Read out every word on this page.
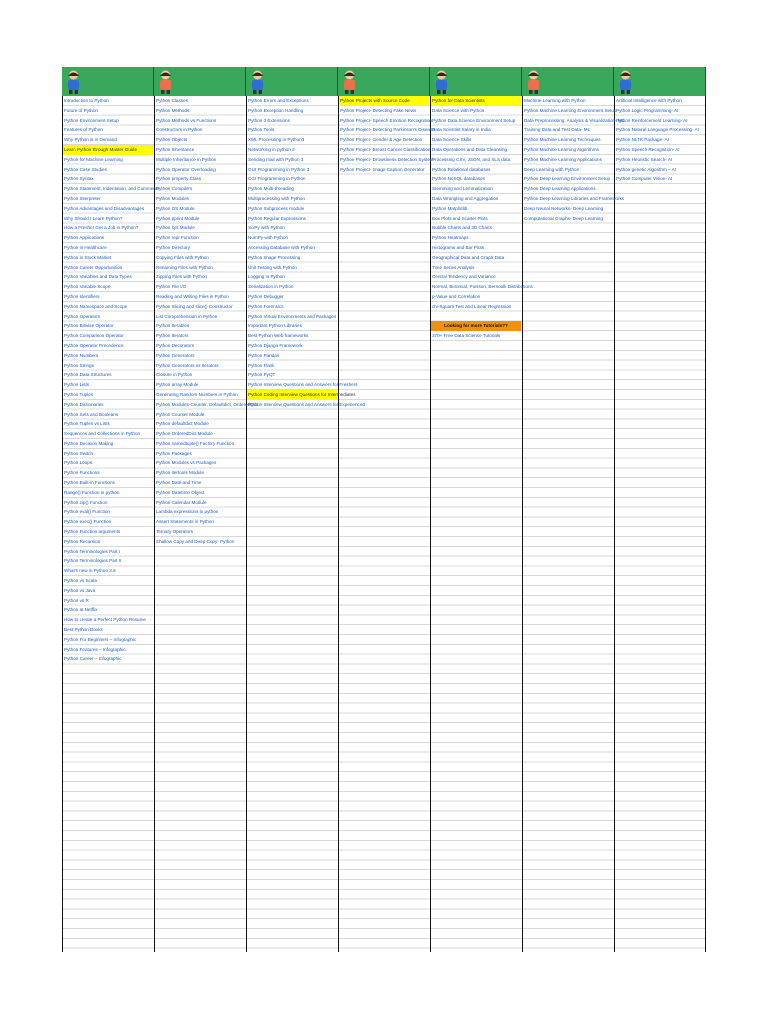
Introduction to Python
Future of Python
Python Environment Setup
Features of Python
Why Python is in Demand
Learn Python through Master Guide
Python for Machine Learning
Python Case Studies
Python Syntax
Python Statement, Indentation, and Comments
Python Interpreter
Python Advantages and Disadvantages
Why Should I Learn Python?
How a Fresher Get a Job in Python?
Python Applications
Python in Healthcare
Python in Stock Market
Python Career Opportunities
Python Variables and Data Types
Python Variable Scope
Python Identifiers
Python Namespace and Scope
Python Operators
Python Bitwise Operator
Python Comparison Operator
Python Operator Precedence
Python Numbers
Python Strings
Python Data Structures
Python Lists
Python Tuples
Python Dictionaries
Python Sets and Booleans
Python Tuples vs Lists
Sequences and Collections in Python
Python Decision Making
Python Switch
Python Loops
Python Functions
Python Built-in Functions
Range() Function in python
Python zip() Function
Python eval() Function
Python exec() Function
Python Function arguments
Python Recursion
Python Terminologies Part I
Python Terminologies Part II
What's new in Python 3.6
Python vs Scala
Python vs Java
Python vs R
Python at Netflix
How to create a Perfect Python Resume
Best Python Books
Python For Beginners – Infographic
Python Features – Infographic
Python Career – Infographic
Python Classes
Python Methods
Python Methods vs Functions
Constructors in Python
Python Objects
Python Inheritance
Multiple Inheritance in Python
Python Operator Overloading
Python property Class
Python Compilers
Python Modules
Python OS Module
Python pprint Module
Python sys Module
Python repr Function
Python Directory
Copying Files with Python
Renaming Files with Python
Zipping Files with Python
Python File I/O
Reading and Writing Files in Python
Python Slicing and slice() Constructor
List Comprehension in Python
Python Iterables
Python Iterators
Python Decorators
Python Generators
Python Generators vs Iterators
Closure in Python
Python array Module
Generating Random Numbers in Python
Python Modules-Counter, Defaultdict, OrderedDict
Python Counter Module
Python defaultdict Module
Python OrderedDict Module
Python namedtuple() Factory Function
Python Packages
Python Modules vs Packages
Python itertools Module
Python Date and Time
Python Datetime Object
Python Calendar Module
Lambda expressions in python
Assert Statements in Python
Ternary Operators
Shallow Copy and Deep Copy- Python
Python Errors and Exceptions
Python Exception Handling
Python 3 Extensions
Python Tools
XML Processing in Python3
Networking in python 3
Sending mail with Python 3
GUI Programming in Python 3
CGI Programming in Python
Python Multi-threading
Multiprocessing with Python
Python Subprocess module
Python Regular Expressions
SciPy with Python
NumPy with Python
Accessing Database with Python
Python Image Processing
Unit Testing with Python
Logging in Python
Serialization in Python
Python Debugger
Python Forensics
Python Virtual Environments and Packages
Important Python Libraries
Best Python Web frameworks
Python Django Framework
Python Pandas
Python Flask
Python PyQT
Python Interview Questions and Answers for Freshers
Python Coding Interview Questions for Intermediates
Python Interview Questions and Answers for Experienced
Python Projects with Source Code
Python Project- Detecting Fake News
Python Project- Speech Emotion Recognition
Python Project- Detecting Parkinson's Disease
Python Project- Gender & Age Detection
Python Project- Breast Cancer Classification
Python Project- Drowsiness Detection System
Python Project- Image Caption Generator
Python for Data Scientists
Data Science with Python
Python Data Science Environment Setup
Data Scientist Salary in India
Data Science Skills
Data Operations and Data Cleansing
Processing CSV, JSON, and XLS data
Python Relational databases
Python NoSQL databases
Stemming and Lemmatization
Data Wrangling and Aggregation
Python Matplotlib
Box Plots and Scatter Plots
Bubble Charts and 3D Charts
Python Heatmaps
Histograms and Bar Plots
Geographical Data and Graph Data
Time Series Analysis
Central Tendency and Variance
Normal, Binomial, Poisson, Bernoulli Distributions
p-Value and Correlation
chi-Square Test and Linear Regression
Looking for more Tutorials??
370+ Free Data Science Tutorials
Machine Learning with Python
Python Machine Learning Environment Setup
Data Preprocessing, Analysis & Visualization- ML
Training Data and Test Data- ML
Python Machine Learning Techniques
Python Machine Learning Algorithms
Python Machine Learning Applications
Deep Learning with Python
Python Deep Learning Environment Setup
Python Deep Learning Applications
Python Deep Learning Libraries and Frameworks
Deep Neural Networks- Deep Learning
Computational Graphs- Deep Learning
Artificial Intelligence with Python
Python Logic Programming- AI
Python Reinforcement Learning- AI
Python Natural Language Processing- AI
Python NLTK Package- AI
Python Speech Recognition- AI
Python Heuristic Search- AI
Python genetic Algorithm – AI
Python Computer Vision- AI
